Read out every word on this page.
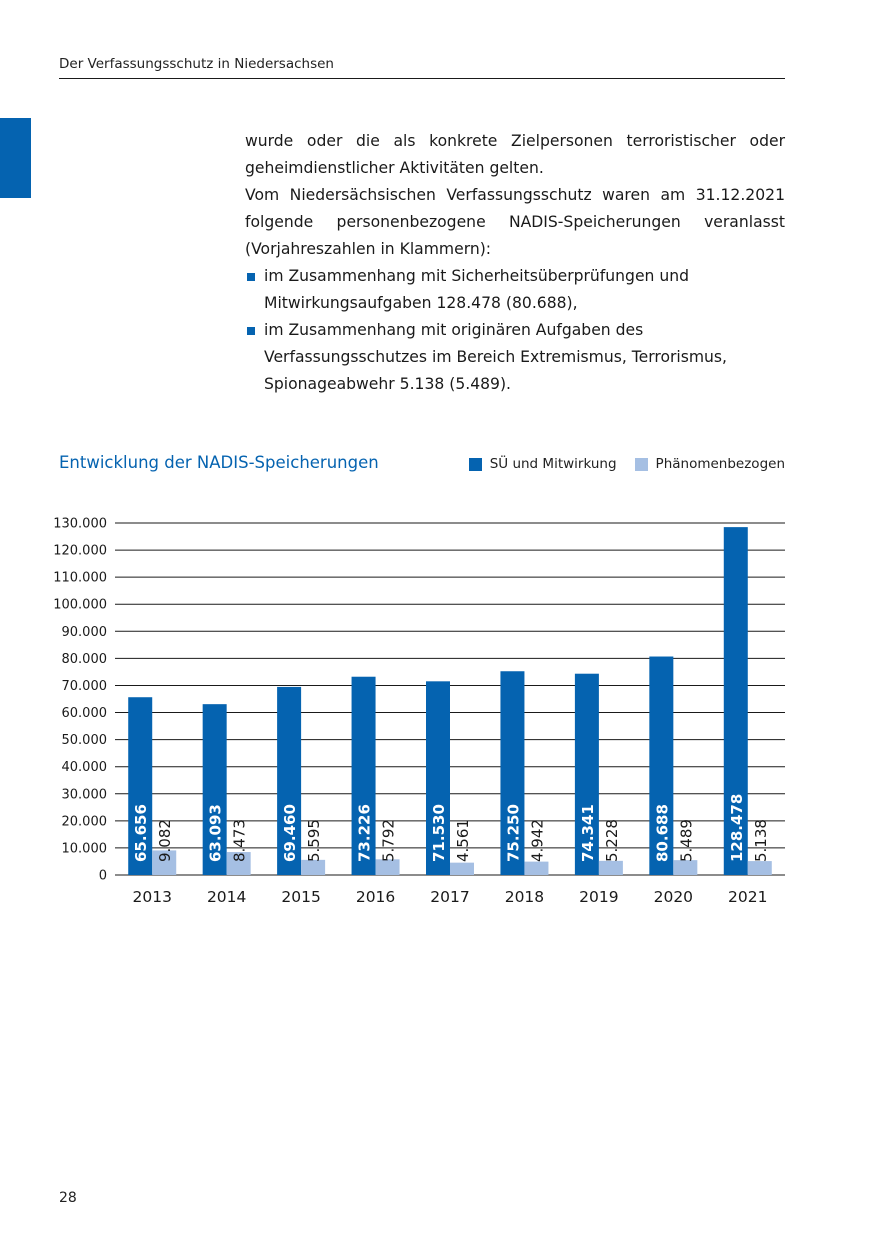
Der Verfassungsschutz in Niedersachsen

wurde oder die als konkrete Zielpersonen terroristischer oder geheimdienstlicher Aktivitäten gelten.

Vom Niedersächsischen Verfassungsschutz waren am 31.12.2021 folgende personenbezogene NADIS-Speicherungen veranlasst (Vorjahreszahlen in Klammern):

im Zusammenhang mit Sicherheitsüberprüfungen und Mitwirkungsaufgaben 128.478 (80.688),
im Zusammenhang mit originären Aufgaben des Verfassungsschutzes im Bereich Extremismus, Terrorismus, Spionageabwehr 5.138 (5.489).
Entwicklung der NADIS-Speicherungen	SÜ und Mitwirkung	Phänomenbezogen
0
10.000
20.000
30.000
40.000
50.000
60.000
70.000
80.000
90.000
100.000
110.000
120.000
130.000
65.656 9.082
2013
63.093 8.473
2014
69.460 5.595
2015
73.226 5.792
2016
71.530 4.561
2017
75.250 4.942
2018
74.341 5.228
2019
80.688 5.489
2020
128.478 5.138
2021
28
